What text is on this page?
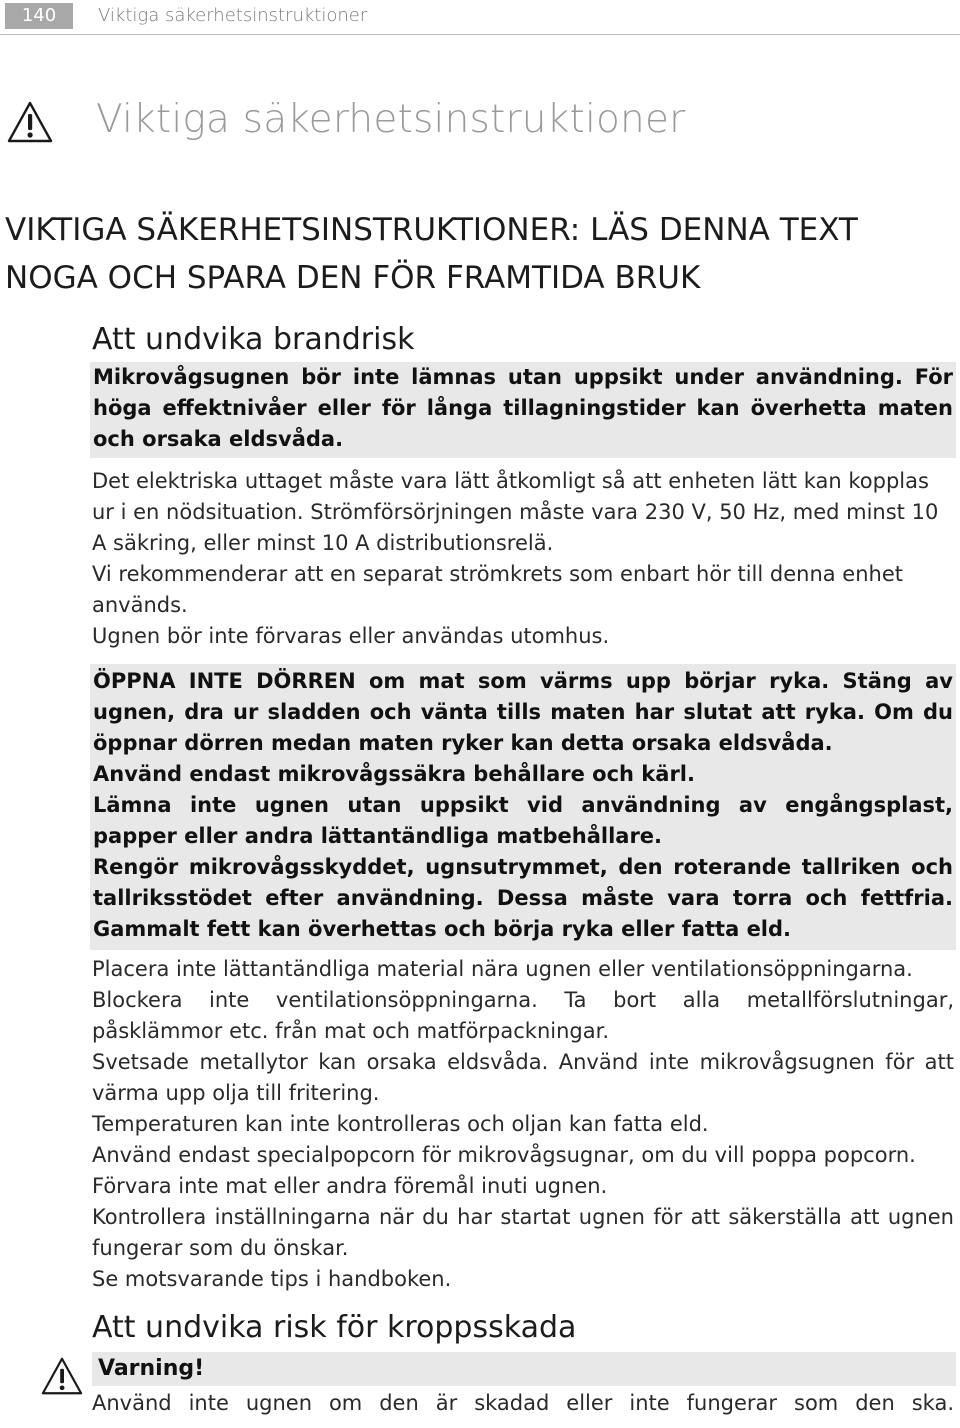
140	Viktiga säkerhetsinstruktioner
Viktiga säkerhetsinstruktioner
VIKTIGA SÄKERHETSINSTRUKTIONER: LÄS DENNA TEXT NOGA OCH SPARA DEN FÖR FRAMTIDA BRUK
Att undvika brandrisk

Mikrovågsugnen bör inte lämnas utan uppsikt under användning. För höga effektnivåer eller för långa tillagningstider kan överhetta maten och orsaka eldsvåda.

Det elektriska uttaget måste vara lätt åtkomligt så att enheten lätt kan kopplas ur i en nödsituation. Strömförsörjningen måste vara 230 V, 50 Hz, med minst 10 A säkring, eller minst 10 A distributionsrelä.

Vi rekommenderar att en separat strömkrets som enbart hör till denna enhet används.

Ugnen bör inte förvaras eller användas utomhus.

ÖPPNA INTE DÖRREN om mat som värms upp börjar ryka. Stäng av ugnen, dra ur sladden och vänta tills maten har slutat att ryka. Om du öppnar dörren medan maten ryker kan detta orsaka eldsvåda.

Använd endast mikrovågssäkra behållare och kärl.

Lämna inte ugnen utan uppsikt vid användning av engångsplast, papper eller andra lättantändliga matbehållare.

Rengör mikrovågsskyddet, ugnsutrymmet, den roterande tallriken och tallriksstödet efter användning. Dessa måste vara torra och fettfria. Gammalt fett kan överhettas och börja ryka eller fatta eld.

Placera inte lättantändliga material nära ugnen eller ventilationsöppningarna.

Blockera inte ventilationsöppningarna. Ta bort alla metallförslutningar, påsklämmor etc. från mat och matförpackningar.

Svetsade metallytor kan orsaka eldsvåda. Använd inte mikrovågsugnen för att värma upp olja till fritering.

Temperaturen kan inte kontrolleras och oljan kan fatta eld.

Använd endast specialpopcorn för mikrovågsugnar, om du vill poppa popcorn.

Förvara inte mat eller andra föremål inuti ugnen.

Kontrollera inställningarna när du har startat ugnen för att säkerställa att ugnen fungerar som du önskar.

Se motsvarande tips i handboken.

Att undvika risk för kroppsskada
Varning!

Använd inte ugnen om den är skadad eller inte fungerar som den ska.
